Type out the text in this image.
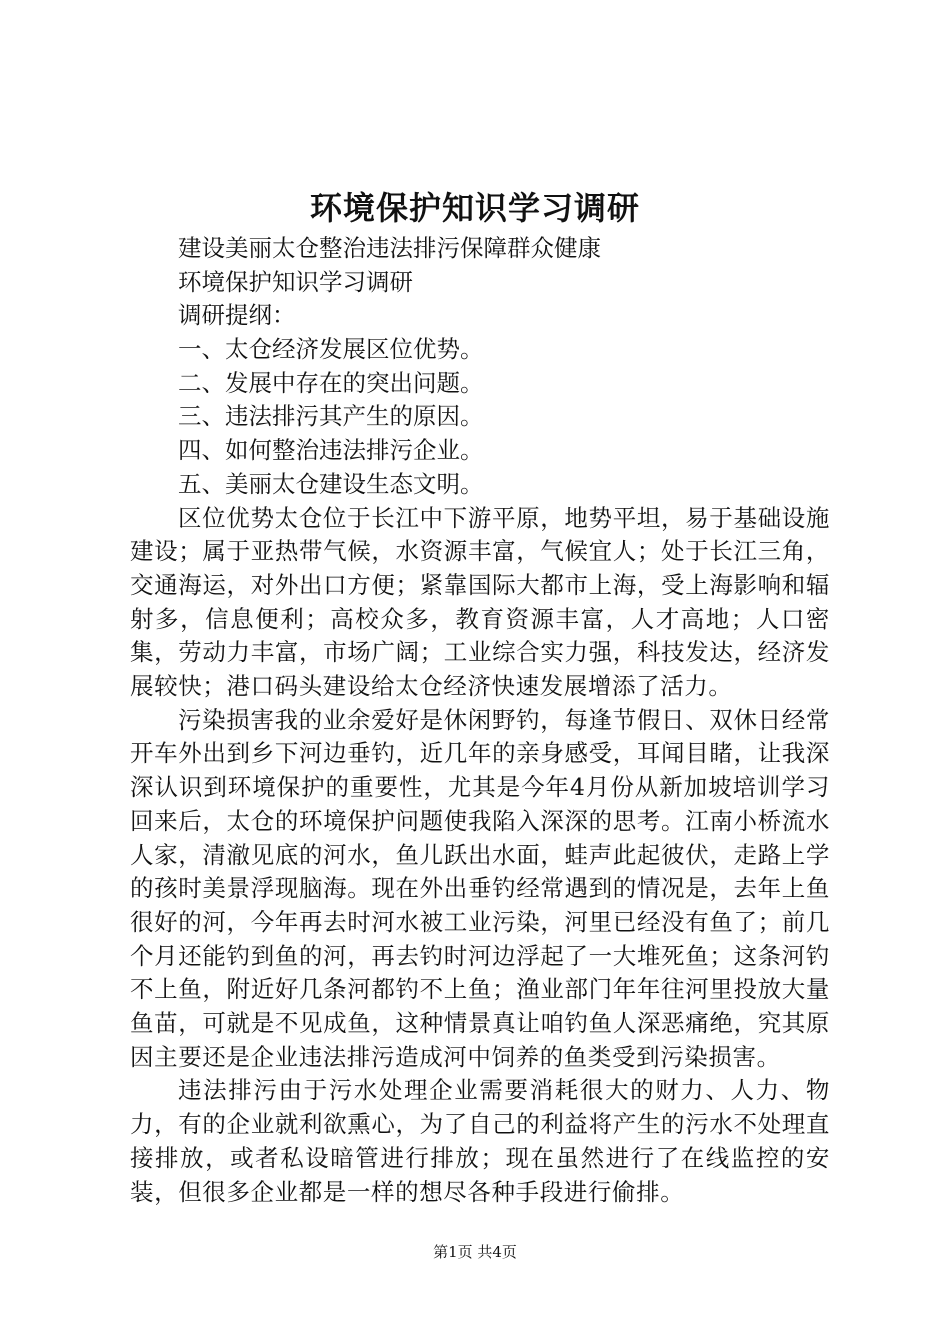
环境保护知识学习调研

建设美丽太仓整治违法排污保障群众健康

环境保护知识学习调研

调研提纲：

一、太仓经济发展区位优势。

二、发展中存在的突出问题。

三、违法排污其产生的原因。

四、如何整治违法排污企业。

五、美丽太仓建设生态文明。

区位优势太仓位于长江中下游平原，地势平坦，易于基础设施建设；属于亚热带气候，水资源丰富，气候宜人；处于长江三角，交通海运，对外出口方便；紧靠国际大都市上海，受上海影响和辐射多，信息便利；高校众多，教育资源丰富，人才高地；人口密集，劳动力丰富，市场广阔；工业综合实力强，科技发达，经济发展较快；港口码头建设给太仓经济快速发展增添了活力。

污染损害我的业余爱好是休闲野钓，每逢节假日、双休日经常开车外出到乡下河边垂钓，近几年的亲身感受，耳闻目睹，让我深深认识到环境保护的重要性，尤其是今年4月份从新加坡培训学习回来后，太仓的环境保护问题使我陷入深深的思考。江南小桥流水人家，清澈见底的河水，鱼儿跃出水面，蛙声此起彼伏，走路上学的孩时美景浮现脑海。现在外出垂钓经常遇到的情况是，去年上鱼很好的河，今年再去时河水被工业污染，河里已经没有鱼了；前几个月还能钓到鱼的河，再去钓时河边浮起了一大堆死鱼；这条河钓不上鱼，附近好几条河都钓不上鱼；渔业部门年年往河里投放大量鱼苗，可就是不见成鱼，这种情景真让咱钓鱼人深恶痛绝，究其原因主要还是企业违法排污造成河中饲养的鱼类受到污染损害。

违法排污由于污水处理企业需要消耗很大的财力、人力、物力，有的企业就利欲熏心，为了自己的利益将产生的污水不处理直接排放，或者私设暗管进行排放；现在虽然进行了在线监控的安装，但很多企业都是一样的想尽各种手段进行偷排。

第1页 共4页
